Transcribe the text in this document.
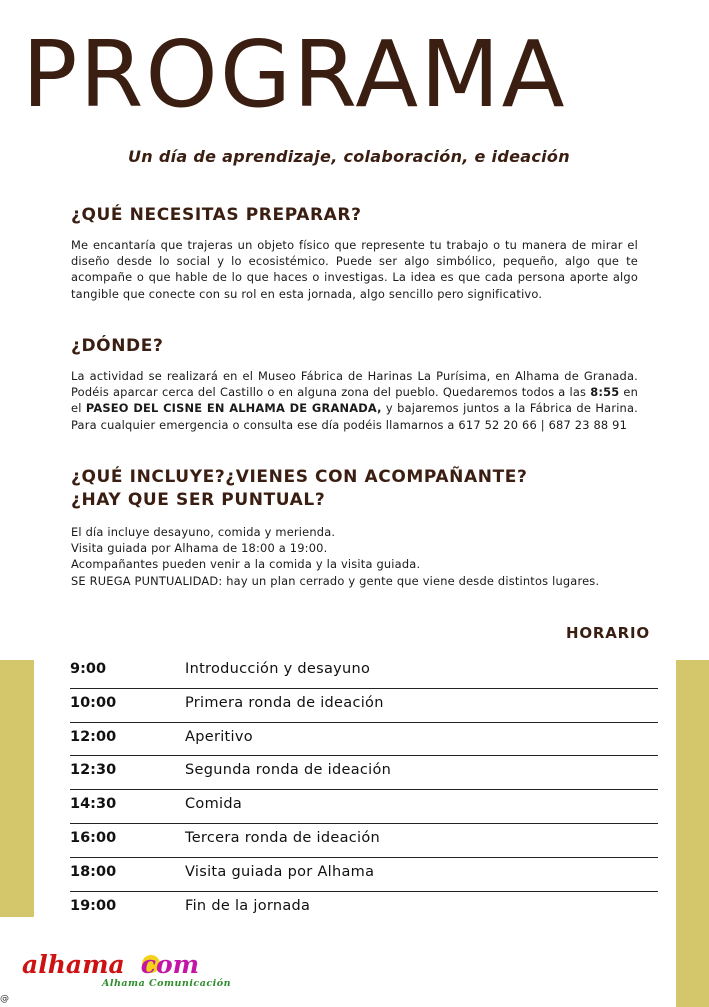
PROGRAMA
Un día de aprendizaje, colaboración, e ideación
¿QUÉ NECESITAS PREPARAR?

Me encantaría que trajeras un objeto físico que represente tu trabajo o tu manera de mirar el diseño desde lo social y lo ecosistémico. Puede ser algo simbólico, pequeño, algo que te acompañe o que hable de lo que haces o investigas. La idea es que cada persona aporte algo tangible que conecte con su rol en esta jornada, algo sencillo pero significativo.

¿DÓNDE?

La actividad se realizará en el Museo Fábrica de Harinas La Purísima, en Alhama de Granada. Podéis aparcar cerca del Castillo o en alguna zona del pueblo. Quedaremos todos a las 8:55 en el PASEO DEL CISNE EN ALHAMA DE GRANADA, y bajaremos juntos a la Fábrica de Harina. Para cualquier emergencia o consulta ese día podéis llamarnos a 617 52 20 66 | 687 23 88 91

¿QUÉ INCLUYE?¿VIENES CON ACOMPAÑANTE?
¿HAY QUE SER PUNTUAL?

El día incluye desayuno, comida y merienda.
Visita guiada por Alhama de 18:00 a 19:00.
Acompañantes pueden venir a la comida y la visita guiada.
SE RUEGA PUNTUALIDAD: hay un plan cerrado y gente que viene desde distintos lugares.

HORARIO
9:00	Introducción y desayuno
10:00	Primera ronda de ideación
12:00	Aperitivo
12:30	Segunda ronda de ideación
14:30	Comida
16:00	Tercera ronda de ideación
18:00	Visita guiada por Alhama
19:00	Fin de la jornada
alhama com
Alhama Comunicación
@
